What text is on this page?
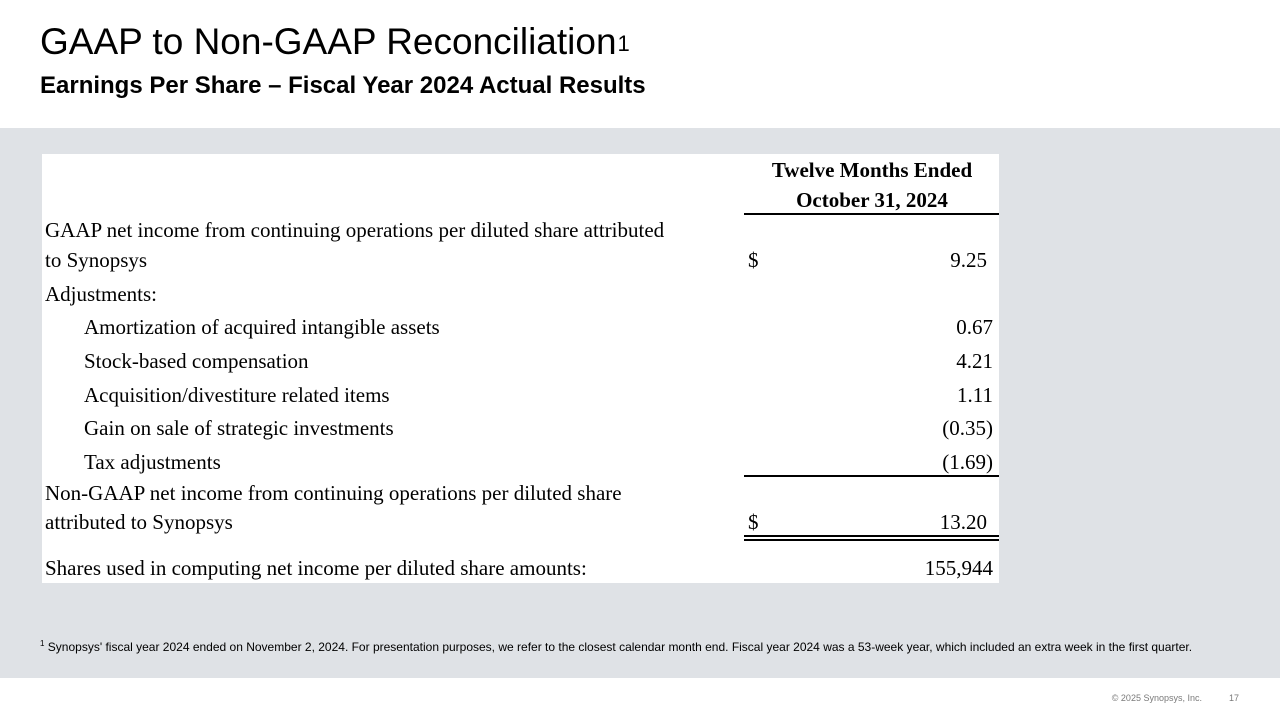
GAAP to Non-GAAP Reconciliation$^1$
Earnings Per Share – Fiscal Year 2024 Actual Results
Twelve Months Ended
October 31, 2024
GAAP net income from continuing operations per diluted share attributed
to Synopsys	$	9.25
Adjustments:
Amortization of acquired intangible assets	0.67
Stock-based compensation	4.21
Acquisition/divestiture related items	1.11
Gain on sale of strategic investments	(0.35)
Tax adjustments	(1.69)
Non-GAAP net income from continuing operations per diluted share
attributed to Synopsys	$	13.20
Shares used in computing net income per diluted share amounts:	155,944
$^1$ Synopsys' fiscal year 2024 ended on November 2, 2024. For presentation purposes, we refer to the closest calendar month end. Fiscal year 2024 was a 53-week year, which included an extra week in the first quarter.
© 2025 Synopsys, Inc.	17
